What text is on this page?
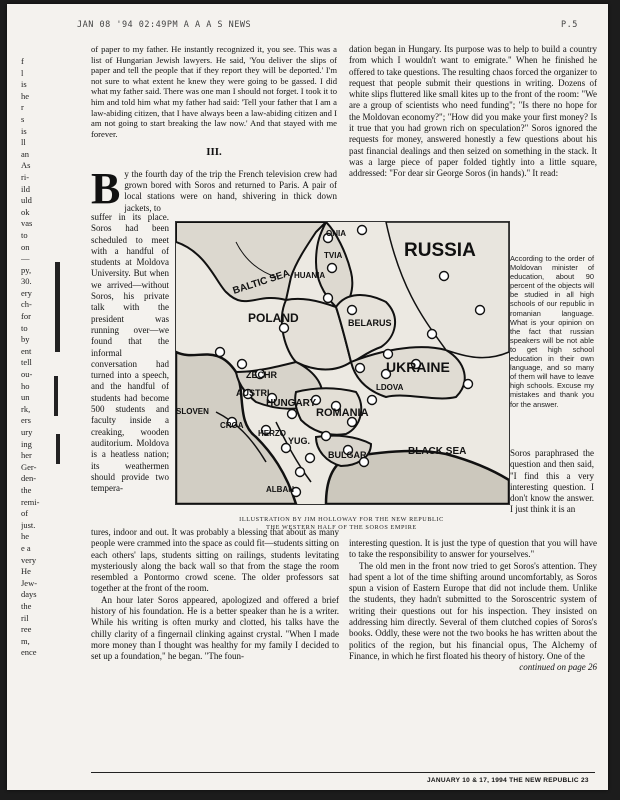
JAN 08 '94 02:49PM A A A S NEWS	P.5
f
l
is
he
r
s
is
ll
an
As
ri-
ild
uld
ok
vas
to
on
—
py,
30.
ery
ch-
for
to
by
ent
tell
ou-
ho
un
rk,
ers
ury
ing
her
Ger-
den-
the
remi-
of
just.
he
e a
very
He
Jew-
days
the
ril
ree
m,
ence

of paper to my father. He instantly recognized it, you see. This was a list of Hungarian Jewish lawyers. He said, 'You deliver the slips of paper and tell the people that if they report they will be deported.' I'm not sure to what extent he knew they were going to be gassed. I did what my father said. There was one man I should not forget. I took it to him and told him what my father had said: 'Tell your father that I am a law-abiding citizen, that I have always been a law-abiding citizen and I am not going to start breaking the law now.' And that stayed with me forever.

III.

By the fourth day of the trip the French television crew had grown bored with Soros and returned to Paris. A pair of local stations were on hand, shivering in thick down jackets, to

suffer in its place. Soros had been scheduled to meet with a handful of students at Moldova University. But when we arrived—without Soros, his private talk with the president was running over—we found that the informal conversation had turned into a speech, and the handful of students had become 500 students and faculty inside a creaking, wooden auditorium. Moldova is a heatless nation; its weathermen should provide two tempera-
dation began in Hungary. Its purpose was to help to build a country from which I wouldn't want to emigrate." When he finished he offered to take questions. The resulting chaos forced the organizer to request that people submit their questions in writing. Dozens of white slips fluttered like small kites up to the front of the room: "We are a group of scientists who need funding"; "Is there no hope for the Moldovan economy?"; "How did you make your first money? Is it true that you had grown rich on speculation?" Soros ignored the requests for money, answered honestly a few questions about his past financial dealings and then seized on something in the stack. It was a large piece of paper folded tightly into a little square, addressed: "For dear sir George Soros (in hands)." It read:
RUSSIA
BALTIC SEA
POLAND	BELARUS
UKRAINE
ZECHR
AUSTRI
HUNGARY
ROMANIA
LDOVA
SLOVEN
CROA
HERZO
YUG.
BULGAR
ALBAN
BLACK SEA
HUANIA
TVIA
ONIA
According to the order of Moldovan minister of education, about 90 percent of the objects will be studied in all high schools of our republic in romanian language. What is your opinion on the fact that russian speakers will be not able to get high school education in their own language, and so many of them will have to leave high schools. Excuse my mistakes and thank you for the answer.
Soros paraphrased the question and then said, "I find this a very interesting question. I don't know the answer. I just think it is an
ILLUSTRATION BY JIM HOLLOWAY FOR THE NEW REPUBLIC
THE WESTERN HALF OF THE SOROS EMPIRE

tures, indoor and out. It was probably a blessing that about as many people were crammed into the space as could fit—students sitting on each others' laps, students sitting on railings, students levitating mysteriously along the back wall so that from the stage the room resembled a Pontormo crowd scene. The older professors sat together at the front of the room.

An hour later Soros appeared, apologized and offered a brief history of his foundation. He is a better speaker than he is a writer. While his writing is often murky and clotted, his talks have the chilly clarity of a fingernail clinking against crystal. "When I made more money than I thought was healthy for my family I decided to set up a foundation," he began. "The foun-

interesting question. It is just the type of question that you will have to take the responsibility to answer for yourselves."

The old men in the front now tried to get Soros's attention. They had spent a lot of the time shifting around uncomfortably, as Soros spun a vision of Eastern Europe that did not include them. Unlike the students, they hadn't submitted to the Soroscentric system of writing their questions out for his inspection. They insisted on addressing him directly. Several of them clutched copies of Soros's books. Oddly, these were not the two books he has written about the politics of the region, but his financial opus, The Alchemy of Finance, in which he first floated his theory of history. One of the

continued on page 26
JANUARY 10 & 17, 1994 THE NEW REPUBLIC 23
